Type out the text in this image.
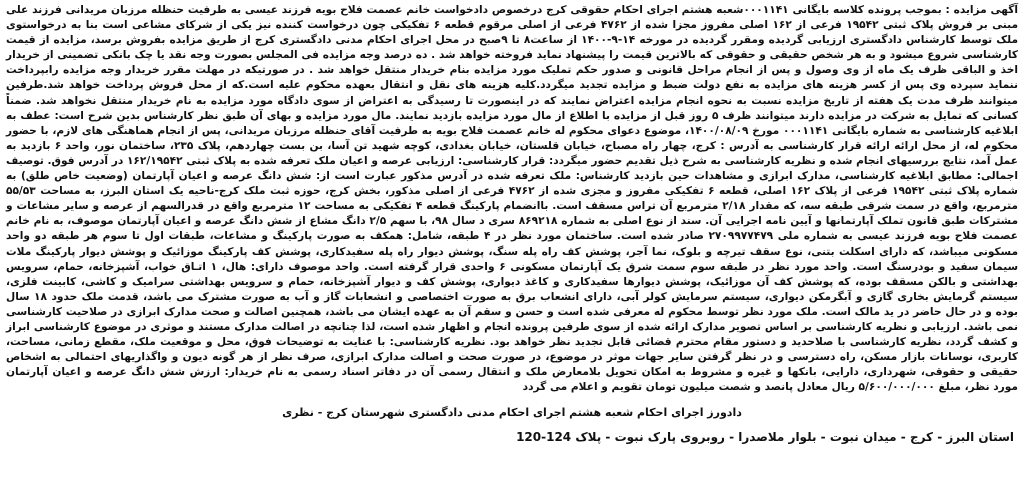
آگهی مزایده : بموجب پرونده کلاسه بایگانی ۰۰۰۱۱۴۱شعبه هشتم اجرای احکام حقوقی کرج درخصوص دادخواست خانم عصمت فلاح بویه فرزند عیسی به طرفیت حنظله مرزبان مریدانی فرزند علی مبنی بر فروش پلاک ثبتی ۱۹۵۴۲ فرعی از ۱۶۲ اصلی مفروز مجزا شده از ۴۷۶۲ فرعی از اصلی مرقوم قطعه ۶ تفکیکی چون درخواست کننده نیز یکی از شرکای مشاعی است بنا به درخواستوی ملک توسط کارشناس دادگستری ارزیابی گردیده ومقرر گردیده در مورخه ۱۴-۹-۱۴۰۰ از ساعت۸ تا ۹صبح در محل اجرای احکام مدنی دادگستری کرج از طریق مزایده بفروش برسد، مزایده از قیمت کارشناسی شروع میشود و به هر شخص حقیقی و حقوقی که بالاترین قیمت را پیشنهاد نماید فروخته خواهد شد . ده درصد وجه مزایده فی المجلس بصورت وجه نقد یا چک بانکی تضمینی از خریدار اخذ و الباقی ظرف یک ماه از وی وصول و پس از انجام مراحل قانونی و صدور حکم تملیک مورد مزایده بنام خریدار منتقل خواهد شد . در صورتیکه در مهلت مقرر خریدار وجه مزایده رابپرداخت ننماید سپرده وی پس از کسر هزینه های مزایده به نفع دولت ضبط و مزایده تجدید میگردد.کلیه هزینه های نقل و انتقال بعهده محکوم علیه است.که از محل فروش پرداخت خواهد شد.طرفین میتوانند ظرف مدت یک هفته از تاریخ مزایده نسبت به نحوه انجام مزایده اعتراض نمایند که در اینصورت تا رسیدگی به اعتراض از سوی دادگاه مورد مزایده به نام خریدار منتقل نخواهد شد. ضمناً کسانی که تمایل به شرکت در مزایده دارند میتوانند ظرف ۵ روز قبل از مزایده با اطلاع از مال مورد مزایده بازدید نمایند. مال مورد مزایده و بهای آن طبق نظر کارشناس بدین شرح است: عطف به ابلاغیه کارشناسی به شماره بایگانی ۰۰۰۱۱۴۱ مورخ ۱۴۰۰/۰۸/۰۹، موضوع دعوای محکوم له خانم عصمت فلاح بویه به طرفیت آقای حنظله مرزبان مریدانی، پس از انجام هماهنگی های لازم، با حضور محکوم له، از محل ارائه ارائه قرار کارشناسی به آدرس : کرج، چهار راه مصباح، خیابان قلستان، خیابان بغدادی، کوچه شهید تن آسا، بن بست چهاردهم، پلاک ۲۳۵، ساختمان نور، واحد ۶ بازدید به عمل آمد، نتایج بررسیهای انجام شده و نظریه کارشناسی به شرح ذیل تقدیم حضور میگردد: قرار کارشناسی: ارزیابی عرصه و اعیان ملک تعرفه شده به پلاک ثبتی ۱۶۲/۱۹۵۴۲ در آدرس فوق. توصیف اجمالی: مطابق ابلاغیه کارشناسی، مدارک ابرازی و مشاهدات حین بازدید کارشناس: ملک تعرفه شده در آدرس مذکور عبارت است از: شش دانگ عرصه و اعیان آپارتمان (وضعیت خاص طلق) به شماره پلاک ثبتی ۱۹۵۴۲ فرعی از پلاک ۱۶۲ اصلی، قطعه ۶ تفکیکی مفروز و مجزی شده از ۴۷۶۲ فرعی از اصلی مذکور، بخش کرج، حوزه ثبت ملک کرج-ناحیه یک استان البرز، به مساحت ۵۵/۵۳ مترمربع، واقع در سمت شرقی طبقه سه، که مقدار ۲/۱۸ مترمربع آن تراس مسقف است. باانضمام پارکینگ قطعه ۴ تفکیکی به مساحت ۱۲ مترمربع واقع در قدرالسهم از عرصه و سایر مشاعات و مشترکات طبق قانون تملک آپارتمانها و آیین نامه اجرایی آن. سند از نوع اصلی به شماره ۸۶۹۲۱۸ سری د سال ۹۸، با سهم ۲/۵ دانگ مشاع از شش دانگ عرصه و اعیان آپارتمان موصوف، به نام خانم عصمت فلاح بویه فرزند عیسی به شماره ملی ۲۷۰۹۹۷۷۴۷۹ صادر شده است. ساختمان مورد نظر در ۴ طبقه، شامل: همکف به صورت پارکینگ و مشاعات، طبقات اول تا سوم هر طبقه دو واحد مسکونی میباشد، که دارای اسکلت بتنی، نوع سقف تیرچه و بلوک، نما آجر، پوشش کف راه پله سنگ، پوشش دیوار راه پله سفیدکاری، پوشش کف پارکینگ موزائیک و پوشش دیوار پارکینگ ملات سیمان سفید و بودرسنگ است. واحد مورد نظر در طبقه سوم سمت شرق یک آپارتمان مسکونی ۶ واحدی قرار گرفته است. واحد موصوف دارای: هال، ۱ اتـاق خواب، آشپزخانه، حمام، سرویس بهداشتی و بالکن مسقف بوده، که پوشش کف آن موزائیک، پوشش دیوارها سفیدکاری و کاغذ دیواری، پوشش کف و دیوار آشپزخانه، حمام و سرویس بهداشتی سرامیک و کاشی، کابینت فلزی، سیستم گرمایش بخاری گازی و آبگرمکن دیواری، سیستم سرمایش کولر آبی، دارای انشعاب برق به صورت اختصاصی و انشعابات گاز و آب به صورت مشترک می باشد، قدمت ملک حدود ۱۸ سال بوده و در حال حاضر در ید مالک است. ملک مورد نظر توسط محکوم له معرفی شده است و حسن و سقم آن به عهده ایشان می باشد، همچنین اصالت و صحت مدارک ابرازی در صلاحیت کارشناسی نمی باشد. ارزیابی و نظریه کارشناسی بر اساس تصویر مدارک ارائه شده از سوی طرفین پرونده انجام و اظهار شده است، لذا چنانچه در اصالت مدارک مستند و موثری در موضوع کارشناسی ابراز و کشف گردد، نظریه کارشناسی با صلاحدید و دستور مقام محترم قضائی قابل تجدید نظر خواهد بود. نظریه کارشناسی: با عنایت به توضیحات فوق، محل و موقعیت ملک، مقطع زمانی، مساحت، کاربری، نوسانات بازار مسکن، راه دسترسی و در نظر گرفتن سایر جهات موثر در موضوع، در صورت صحت و اصالت مدارک ابرازی، صرف نظر از هر گونه دیون و واگذاریهای احتمالی به اشخاص حقیقی و حقوقی، شهرداری، دارایی، بانکها و غیره و مشروط به امکان تحویل بلامعارض ملک و انتقال رسمی آن در دفاتر اسناد رسمی به نام خریدار: ارزش شش دانگ عرصه و اعیان آپارتمان مورد نظر، مبلغ ۵/۶۰۰/۰۰۰/۰۰۰ ریال معادل پانصد و شصت میلیون تومان تقویم و اعلام می گردد

دادورز اجرای احکام شعبه هشتم اجرای احکام مدنی دادگستری شهرستان کرج - نظری

استان البرز - کرج - میدان نبوت - بلوار ملاصدرا - روبروی پارک نبوت - پلاک 124-120
